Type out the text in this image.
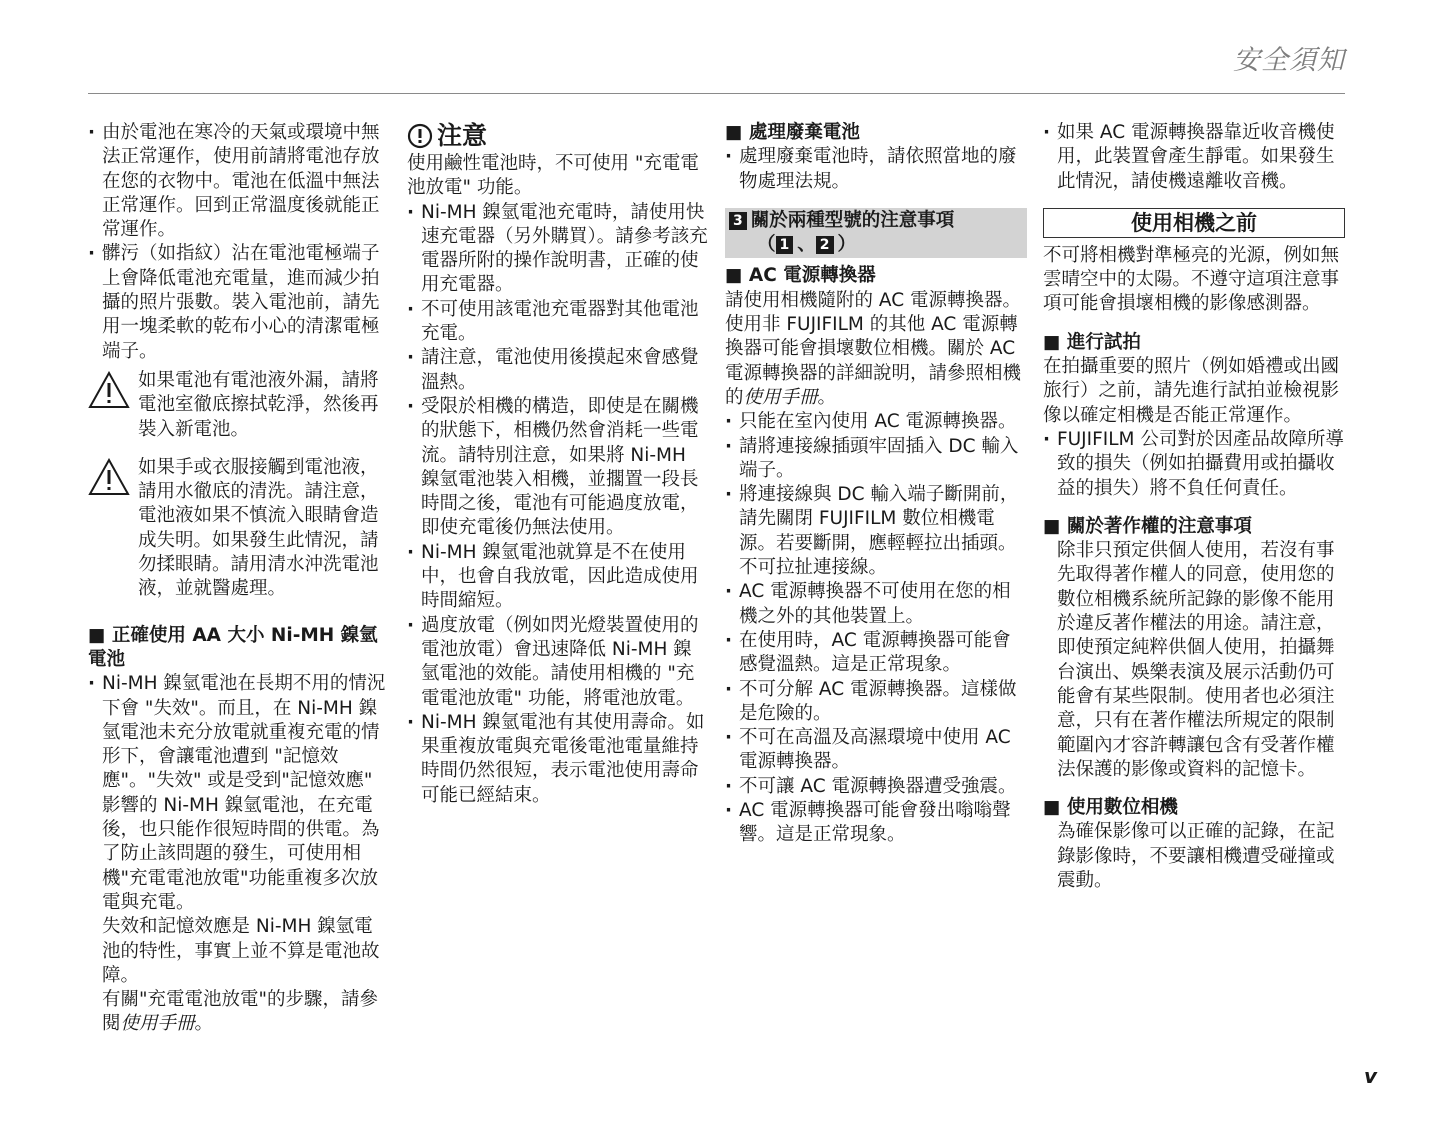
安全須知

· 由於電池在寒冷的天氣或環境中無法正常運作，使用前請將電池存放在您的衣物中。電池在低溫中無法正常運作。回到正常溫度後就能正常運作。

· 髒污（如指紋）沾在電池電極端子上會降低電池充電量，進而減少拍攝的照片張數。裝入電池前，請先用一塊柔軟的乾布小心的清潔電極端子。

如果電池有電池液外漏，請將電池室徹底擦拭乾淨，然後再裝入新電池。

如果手或衣服接觸到電池液，請用水徹底的清洗。請注意，電池液如果不慎流入眼睛會造成失明。如果發生此情況，請勿揉眼睛。請用清水沖洗電池液，並就醫處理。

■ 正確使用 AA 大小 Ni-MH 鎳氫電池

· Ni-MH 鎳氫電池在長期不用的情況下會 "失效"。而且，在 Ni-MH 鎳氫電池未充分放電就重複充電的情形下，會讓電池遭到 "記憶效應"。"失效" 或是受到"記憶效應" 影響的 Ni-MH 鎳氫電池，在充電後，也只能作很短時間的供電。為了防止該問題的發生，可使用相機"充電電池放電"功能重複多次放電與充電。

失效和記憶效應是 Ni-MH 鎳氫電池的特性，事實上並不算是電池故障。

有關"充電電池放電"的步驟，請參閱使用手冊。

注意

使用鹼性電池時，不可使用 "充電電池放電" 功能。

· Ni-MH 鎳氫電池充電時，請使用快速充電器（另外購買）。請參考該充電器所附的操作說明書，正確的使用充電器。

· 不可使用該電池充電器對其他電池充電。

· 請注意，電池使用後摸起來會感覺溫熱。

· 受限於相機的構造，即使是在關機的狀態下，相機仍然會消耗一些電流。請特別注意，如果將 Ni-MH 鎳氫電池裝入相機，並擱置一段長時間之後，電池有可能過度放電，即使充電後仍無法使用。

· Ni-MH 鎳氫電池就算是不在使用中，也會自我放電，因此造成使用時間縮短。

· 過度放電（例如閃光燈裝置使用的電池放電）會迅速降低 Ni-MH 鎳氫電池的效能。請使用相機的 "充電電池放電" 功能，將電池放電。

· Ni-MH 鎳氫電池有其使用壽命。如果重複放電與充電後電池電量維持時間仍然很短，表示電池使用壽命可能已經結束。

■ 處理廢棄電池

· 處理廢棄電池時，請依照當地的廢物處理法規。

3 關於兩種型號的注意事項
（ 1 、 2 ）

■ AC 電源轉換器

請使用相機隨附的 AC 電源轉換器。使用非 FUJIFILM 的其他 AC 電源轉換器可能會損壞數位相機。關於 AC 電源轉換器的詳細說明，請參照相機的使用手冊。

· 只能在室內使用 AC 電源轉換器。

· 請將連接線插頭牢固插入 DC 輸入端子。

· 將連接線與 DC 輸入端子斷開前，請先關閉 FUJIFILM 數位相機電源。若要斷開，應輕輕拉出插頭。不可拉扯連接線。

· AC 電源轉換器不可使用在您的相機之外的其他裝置上。

· 在使用時，AC 電源轉換器可能會感覺溫熱。這是正常現象。

· 不可分解 AC 電源轉換器。這樣做是危險的。

· 不可在高溫及高濕環境中使用 AC 電源轉換器。

· 不可讓 AC 電源轉換器遭受強震。

· AC 電源轉換器可能會發出嗡嗡聲響。這是正常現象。

· 如果 AC 電源轉換器靠近收音機使用，此裝置會產生靜電。如果發生此情況，請使機遠離收音機。

使用相機之前

不可將相機對準極亮的光源，例如無雲晴空中的太陽。不遵守這項注意事項可能會損壞相機的影像感測器。

■ 進行試拍

在拍攝重要的照片（例如婚禮或出國旅行）之前，請先進行試拍並檢視影像以確定相機是否能正常運作。

· FUJIFILM 公司對於因產品故障所導致的損失（例如拍攝費用或拍攝收益的損失）將不負任何責任。

■ 關於著作權的注意事項

除非只預定供個人使用，若沒有事先取得著作權人的同意，使用您的數位相機系統所記錄的影像不能用於違反著作權法的用途。請注意，即使預定純粹供個人使用，拍攝舞台演出、娛樂表演及展示活動仍可能會有某些限制。使用者也必須注意，只有在著作權法所規定的限制範圍內才容許轉讓包含有受著作權法保護的影像或資料的記憶卡。

■ 使用數位相機

為確保影像可以正確的記錄，在記錄影像時，不要讓相機遭受碰撞或震動。

v
